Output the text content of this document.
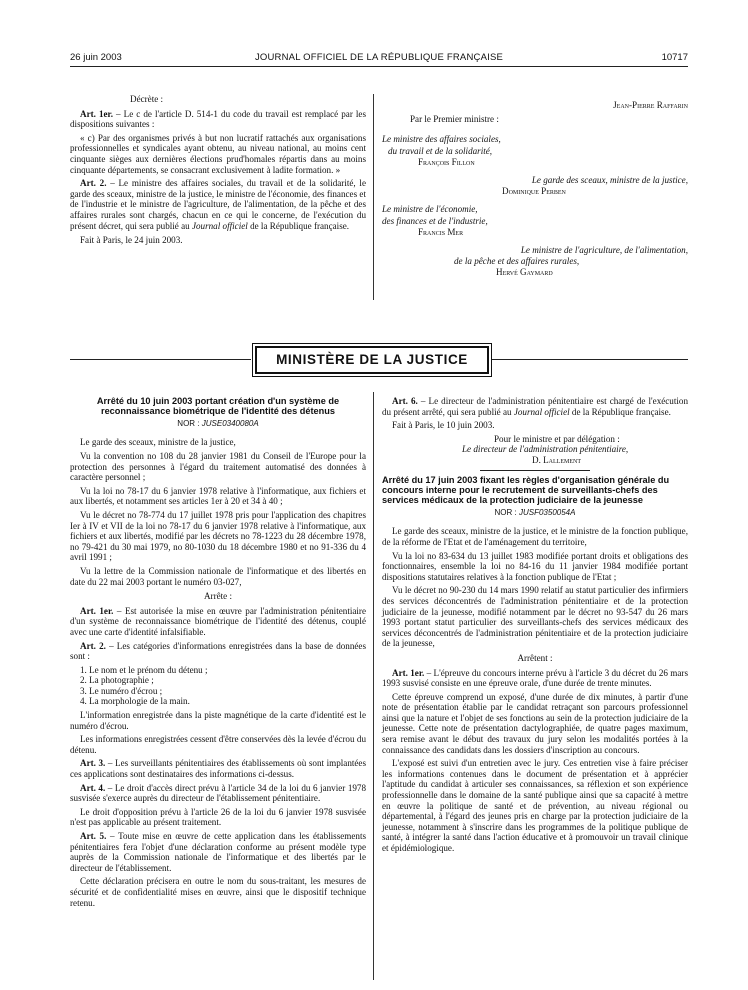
JOURNAL OFFICIEL DE LA RÉPUBLIQUE FRANÇAISE
26 juin 2003	10717

Décrète :

Art. 1er. – Le c de l'article D. 514-1 du code du travail est remplacé par les dispositions suivantes :

« c) Par des organismes privés à but non lucratif rattachés aux organisations professionnelles et syndicales ayant obtenu, au niveau national, au moins cent cinquante sièges aux dernières élections prud'homales répartis dans au moins cinquante départements, se consacrant exclusivement à ladite formation. »

Art. 2. – Le ministre des affaires sociales, du travail et de la solidarité, le garde des sceaux, ministre de la justice, le ministre de l'économie, des finances et de l'industrie et le ministre de l'agriculture, de l'alimentation, de la pêche et des affaires rurales sont chargés, chacun en ce qui le concerne, de l'exécution du présent décret, qui sera publié au Journal officiel de la République française.

Fait à Paris, le 24 juin 2003.

Jean-Pierre Raffarin
Par le Premier ministre :
Le ministre des affaires sociales,
du travail et de la solidarité,
François Fillon
Le garde des sceaux, ministre de la justice,
Dominique Perben
Le ministre de l'économie,
des finances et de l'industrie,
Francis Mer
Le ministre de l'agriculture, de l'alimentation,
de la pêche et des affaires rurales,
Hervé Gaymard
MINISTÈRE DE LA JUSTICE
Arrêté du 10 juin 2003 portant création d'un système de reconnaissance biométrique de l'identité des détenus
NOR : JUSE0340080A

Le garde des sceaux, ministre de la justice,

Vu la convention no 108 du 28 janvier 1981 du Conseil de l'Europe pour la protection des personnes à l'égard du traitement automatisé des données à caractère personnel ;

Vu la loi no 78-17 du 6 janvier 1978 relative à l'informatique, aux fichiers et aux libertés, et notamment ses articles 1er à 20 et 34 à 40 ;

Vu le décret no 78-774 du 17 juillet 1978 pris pour l'application des chapitres Ier à IV et VII de la loi no 78-17 du 6 janvier 1978 relative à l'informatique, aux fichiers et aux libertés, modifié par les décrets no 78-1223 du 28 décembre 1978, no 79-421 du 30 mai 1979, no 80-1030 du 18 décembre 1980 et no 91-336 du 4 avril 1991 ;

Vu la lettre de la Commission nationale de l'informatique et des libertés en date du 22 mai 2003 portant le numéro 03-027,

Arrête :

Art. 1er. – Est autorisée la mise en œuvre par l'administration pénitentiaire d'un système de reconnaissance biométrique de l'identité des détenus, couplé avec une carte d'identité infalsifiable.

Art. 2. – Les catégories d'informations enregistrées dans la base de données sont :

1. Le nom et le prénom du détenu ;
2. La photographie ;
3. Le numéro d'écrou ;
4. La morphologie de la main.

L'information enregistrée dans la piste magnétique de la carte d'identité est le numéro d'écrou.

Les informations enregistrées cessent d'être conservées dès la levée d'écrou du détenu.

Art. 3. – Les surveillants pénitentiaires des établissements où sont implantées ces applications sont destinataires des informations ci-dessus.

Art. 4. – Le droit d'accès direct prévu à l'article 34 de la loi du 6 janvier 1978 susvisée s'exerce auprès du directeur de l'établissement pénitentiaire.

Le droit d'opposition prévu à l'article 26 de la loi du 6 janvier 1978 susvisée n'est pas applicable au présent traitement.

Art. 5. – Toute mise en œuvre de cette application dans les établissements pénitentiaires fera l'objet d'une déclaration conforme au présent modèle type auprès de la Commission nationale de l'informatique et des libertés par le directeur de l'établissement.

Cette déclaration précisera en outre le nom du sous-traitant, les mesures de sécurité et de confidentialité mises en œuvre, ainsi que le dispositif technique retenu.

Art. 6. – Le directeur de l'administration pénitentiaire est chargé de l'exécution du présent arrêté, qui sera publié au Journal officiel de la République française.

Fait à Paris, le 10 juin 2003.

Pour le ministre et par délégation :
Le directeur de l'administration pénitentiaire,
D. Lallement
Arrêté du 17 juin 2003 fixant les règles d'organisation générale du concours interne pour le recrutement de surveillants-chefs des services médicaux de la protection judiciaire de la jeunesse
NOR : JUSF0350054A

Le garde des sceaux, ministre de la justice, et le ministre de la fonction publique, de la réforme de l'Etat et de l'aménagement du territoire,

Vu la loi no 83-634 du 13 juillet 1983 modifiée portant droits et obligations des fonctionnaires, ensemble la loi no 84-16 du 11 janvier 1984 modifiée portant dispositions statutaires relatives à la fonction publique de l'Etat ;

Vu le décret no 90-230 du 14 mars 1990 relatif au statut particulier des infirmiers des services déconcentrés de l'administration pénitentiaire et de la protection judiciaire de la jeunesse, modifié notamment par le décret no 93-547 du 26 mars 1993 portant statut particulier des surveillants-chefs des services médicaux des services déconcentrés de l'administration pénitentiaire et de la protection judiciaire de la jeunesse,

Arrêtent :

Art. 1er. – L'épreuve du concours interne prévu à l'article 3 du décret du 26 mars 1993 susvisé consiste en une épreuve orale, d'une durée de trente minutes.

Cette épreuve comprend un exposé, d'une durée de dix minutes, à partir d'une note de présentation établie par le candidat retraçant son parcours professionnel ainsi que la nature et l'objet de ses fonctions au sein de la protection judiciaire de la jeunesse. Cette note de présentation dactylographiée, de quatre pages maximum, sera remise avant le début des travaux du jury selon les modalités portées à la connaissance des candidats dans les dossiers d'inscription au concours.

L'exposé est suivi d'un entretien avec le jury. Ces entretien vise à faire préciser les informations contenues dans le document de présentation et à apprécier l'aptitude du candidat à articuler ses connaissances, sa réflexion et son expérience professionnelle dans le domaine de la santé publique ainsi que sa capacité à mettre en œuvre la politique de santé et de prévention, au niveau régional ou départemental, à l'égard des jeunes pris en charge par la protection judiciaire de la jeunesse, notamment à s'inscrire dans les programmes de la politique publique de santé, à intégrer la santé dans l'action éducative et à promouvoir un travail clinique et épidémiologique.
